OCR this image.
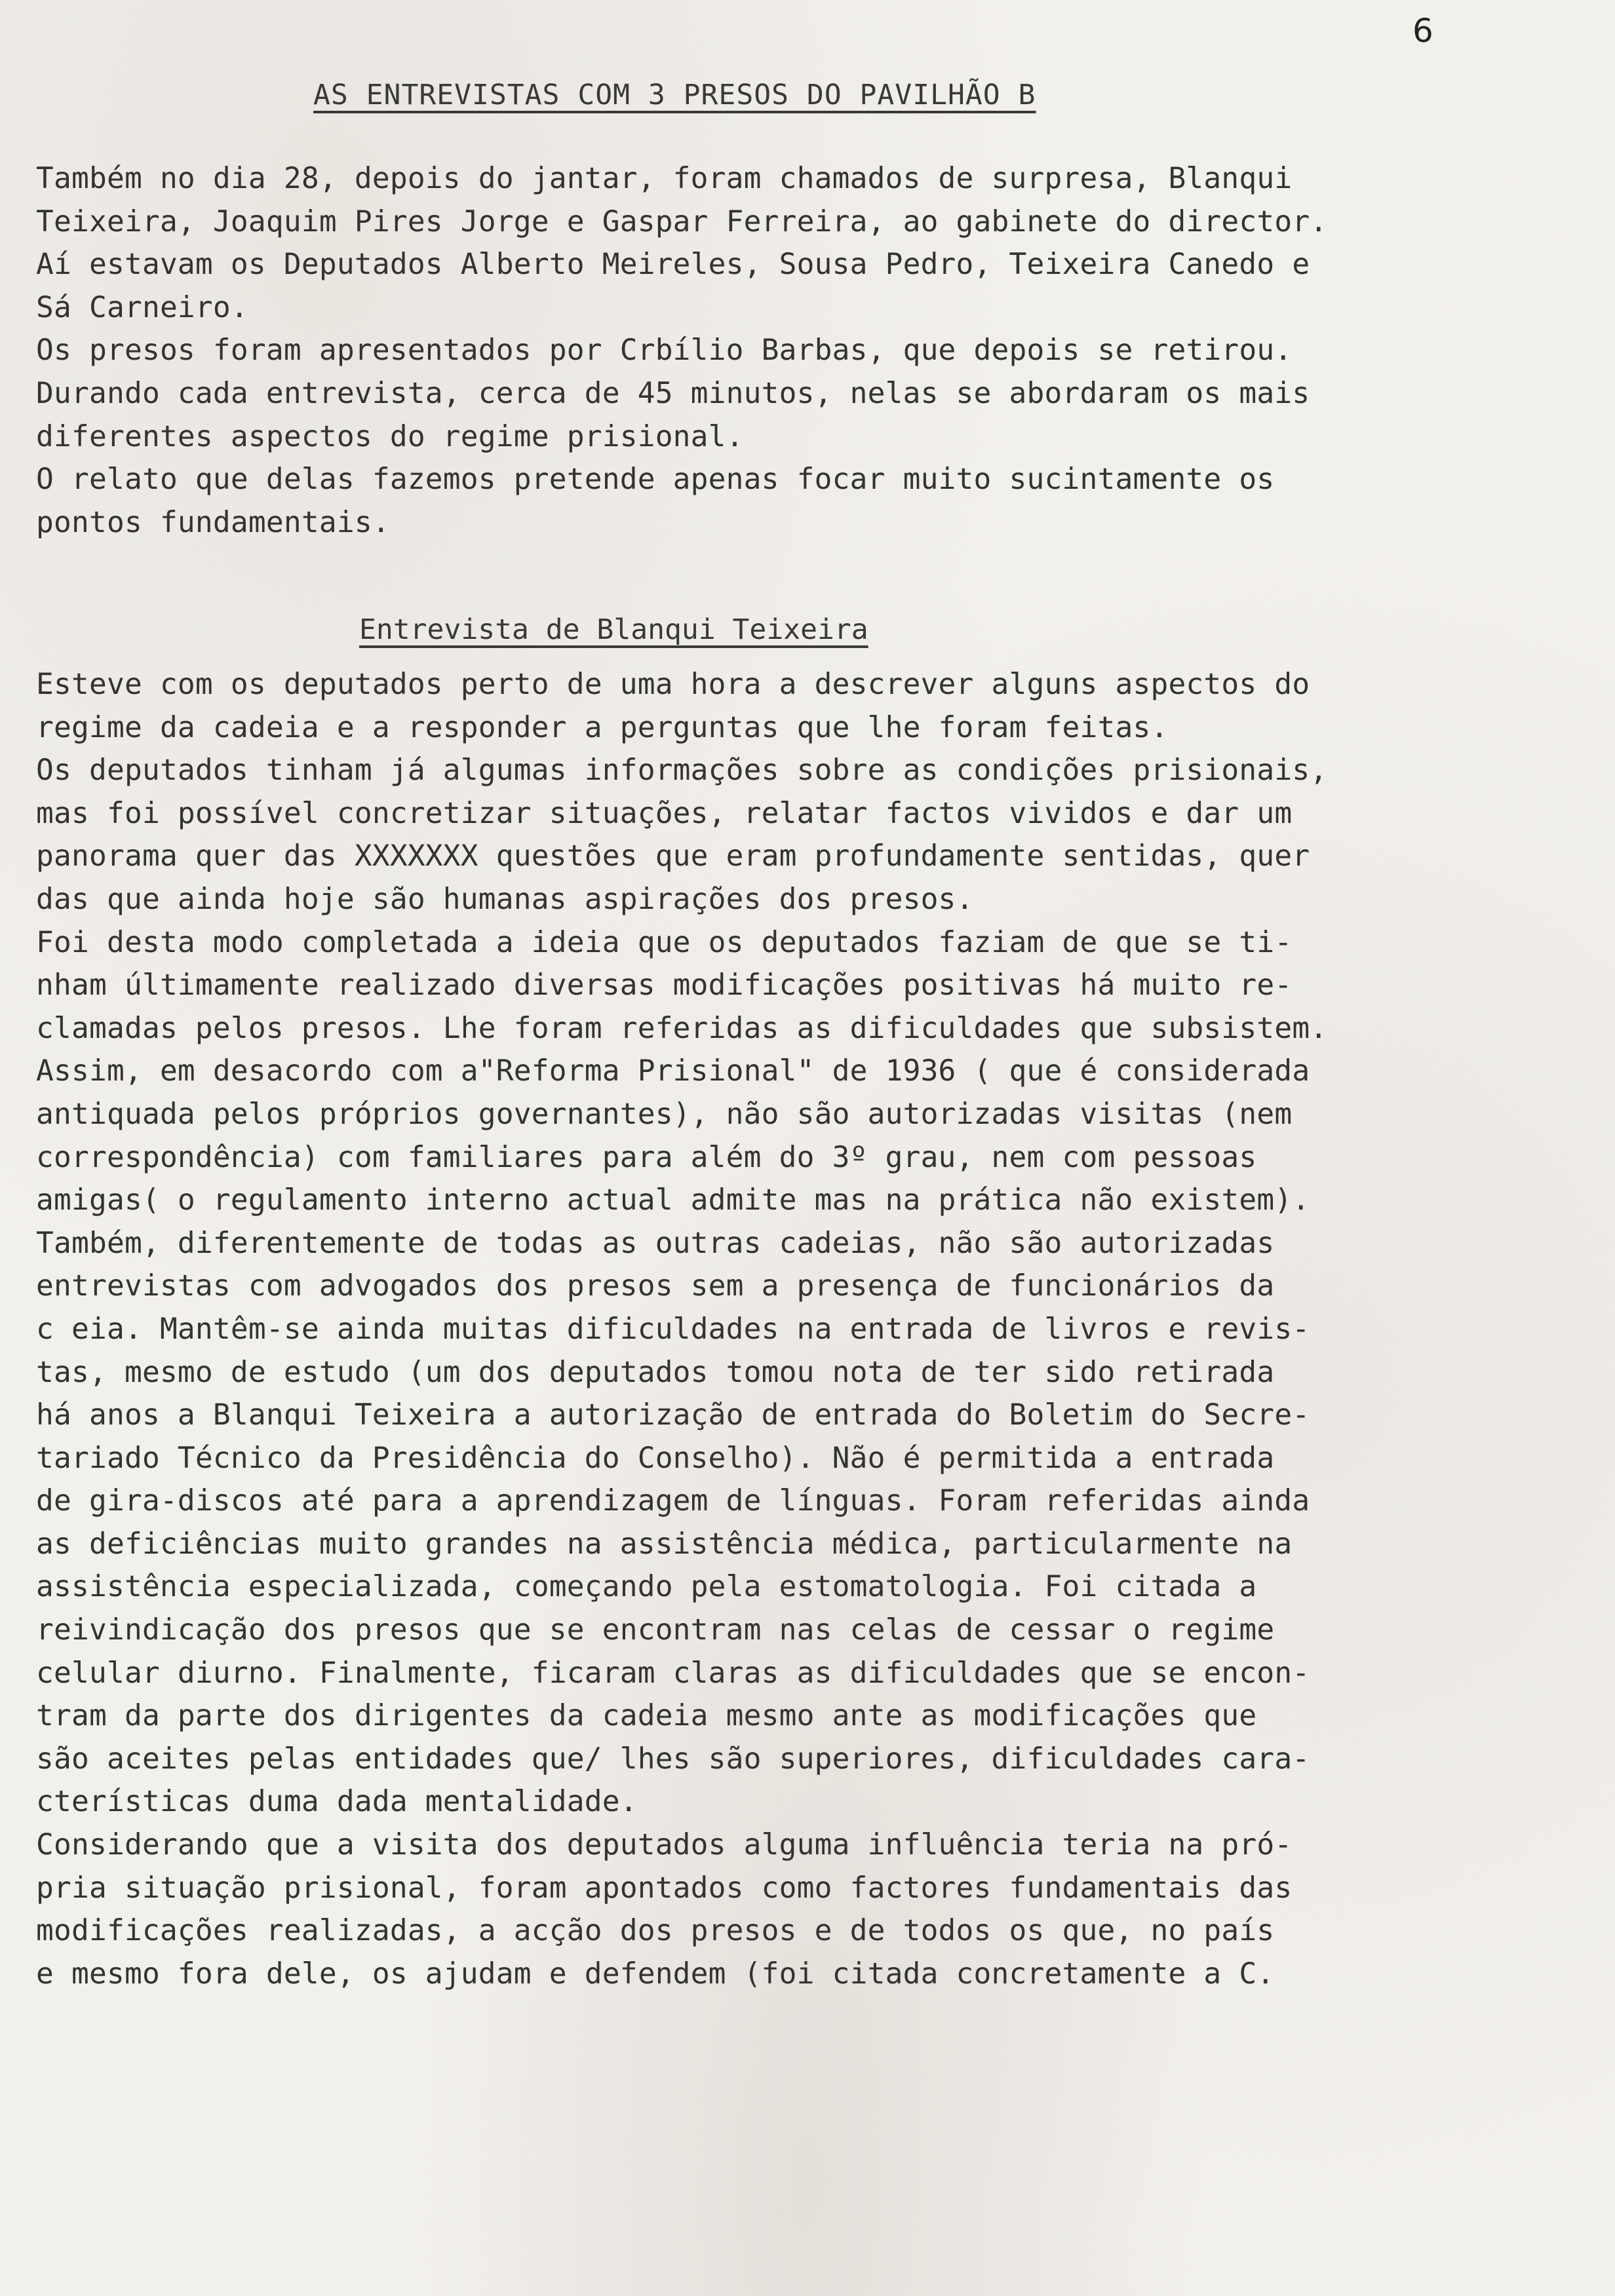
6
AS ENTREVISTAS COM 3 PRESOS DO PAVILHÃO B
Também no dia 28, depois do jantar, foram chamados de surpresa, Blanqui
Teixeira, Joaquim Pires Jorge e Gaspar Ferreira, ao gabinete do director.
Aí estavam os Deputados Alberto Meireles, Sousa Pedro, Teixeira Canedo e
Sá Carneiro.
Os presos foram apresentados por Crbílio Barbas, que depois se retirou.
Durando cada entrevista, cerca de 45 minutos, nelas se abordaram os mais
diferentes aspectos do regime prisional.
O relato que delas fazemos pretende apenas focar muito sucintamente os
pontos fundamentais.
Entrevista de Blanqui Teixeira
Esteve com os deputados perto de uma hora a descrever alguns aspectos do
regime da cadeia e a responder a perguntas que lhe foram feitas.
Os deputados tinham já algumas informações sobre as condições prisionais,
mas foi possível concretizar situações, relatar factos vividos e dar um
panorama quer das XXXXXXX questões que eram profundamente sentidas, quer
das que ainda hoje são humanas aspirações dos presos.
Foi desta modo completada a ideia que os deputados faziam de que se ti-
nham últimamente realizado diversas modificações positivas há muito re-
clamadas pelos presos. Lhe foram referidas as dificuldades que subsistem.
Assim, em desacordo com a"Reforma Prisional" de 1936 ( que é considerada
antiquada pelos próprios governantes), não são autorizadas visitas (nem
correspondência) com familiares para além do 3º grau, nem com pessoas
amigas( o regulamento interno actual admite mas na prática não existem).
Também, diferentemente de todas as outras cadeias, não são autorizadas
entrevistas com advogados dos presos sem a presença de funcionários da
c eia. Mantêm-se ainda muitas dificuldades na entrada de livros e revis-
tas, mesmo de estudo (um dos deputados tomou nota de ter sido retirada
há anos a Blanqui Teixeira a autorização de entrada do Boletim do Secre-
tariado Técnico da Presidência do Conselho). Não é permitida a entrada
de gira-discos até para a aprendizagem de línguas. Foram referidas ainda
as deficiências muito grandes na assistência médica, particularmente na
assistência especializada, começando pela estomatologia. Foi citada a
reivindicação dos presos que se encontram nas celas de cessar o regime
celular diurno. Finalmente, ficaram claras as dificuldades que se encon-
tram da parte dos dirigentes da cadeia mesmo ante as modificações que
são aceites pelas entidades que/ lhes são superiores, dificuldades cara-
cterísticas duma dada mentalidade.
Considerando que a visita dos deputados alguma influência teria na pró-
pria situação prisional, foram apontados como factores fundamentais das
modificações realizadas, a acção dos presos e de todos os que, no país
e mesmo fora dele, os ajudam e defendem (foi citada concretamente a C.
